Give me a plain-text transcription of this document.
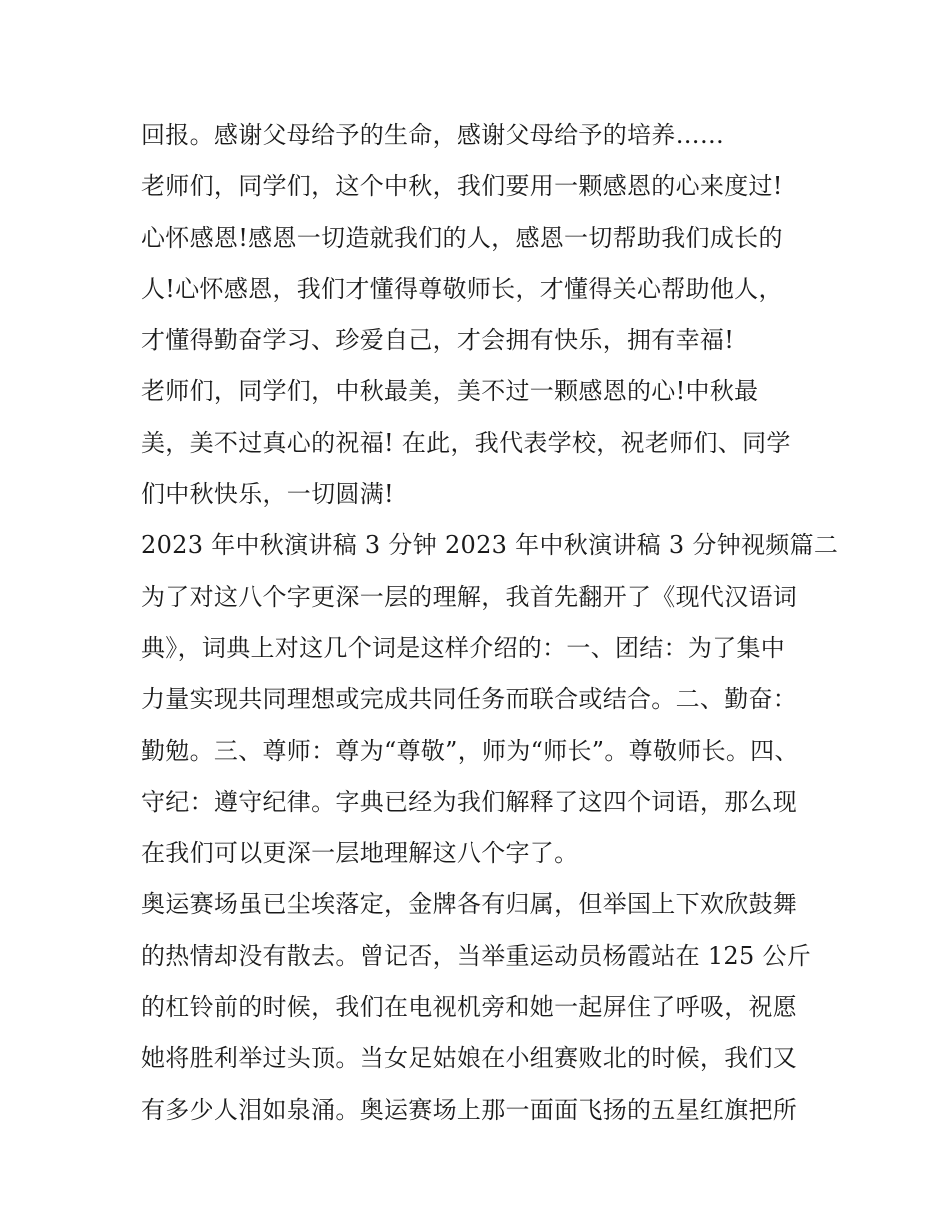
回报。感谢父母给予的生命，感谢父母给予的培养……
老师们，同学们，这个中秋，我们要用一颗感恩的心来度过!
心怀感恩!感恩一切造就我们的人，感恩一切帮助我们成长的
人!心怀感恩，我们才懂得尊敬师长，才懂得关心帮助他人，
才懂得勤奋学习、珍爱自己，才会拥有快乐，拥有幸福!
老师们，同学们，中秋最美，美不过一颗感恩的心!中秋最
美，美不过真心的祝福! 在此，我代表学校，祝老师们、同学
们中秋快乐，一切圆满!
2023 年中秋演讲稿 3 分钟 2023 年中秋演讲稿 3 分钟视频篇二
为了对这八个字更深一层的理解，我首先翻开了《现代汉语词
典》，词典上对这几个词是这样介绍的：一、团结：为了集中
力量实现共同理想或完成共同任务而联合或结合。二、勤奋：
勤勉。三、尊师：尊为“尊敬”，师为“师长”。尊敬师长。四、
守纪：遵守纪律。字典已经为我们解释了这四个词语，那么现
在我们可以更深一层地理解这八个字了。
奥运赛场虽已尘埃落定，金牌各有归属，但举国上下欢欣鼓舞
的热情却没有散去。曾记否，当举重运动员杨霞站在 125 公斤
的杠铃前的时候，我们在电视机旁和她一起屏住了呼吸，祝愿
她将胜利举过头顶。当女足姑娘在小组赛败北的时候，我们又
有多少人泪如泉涌。奥运赛场上那一面面飞扬的五星红旗把所
